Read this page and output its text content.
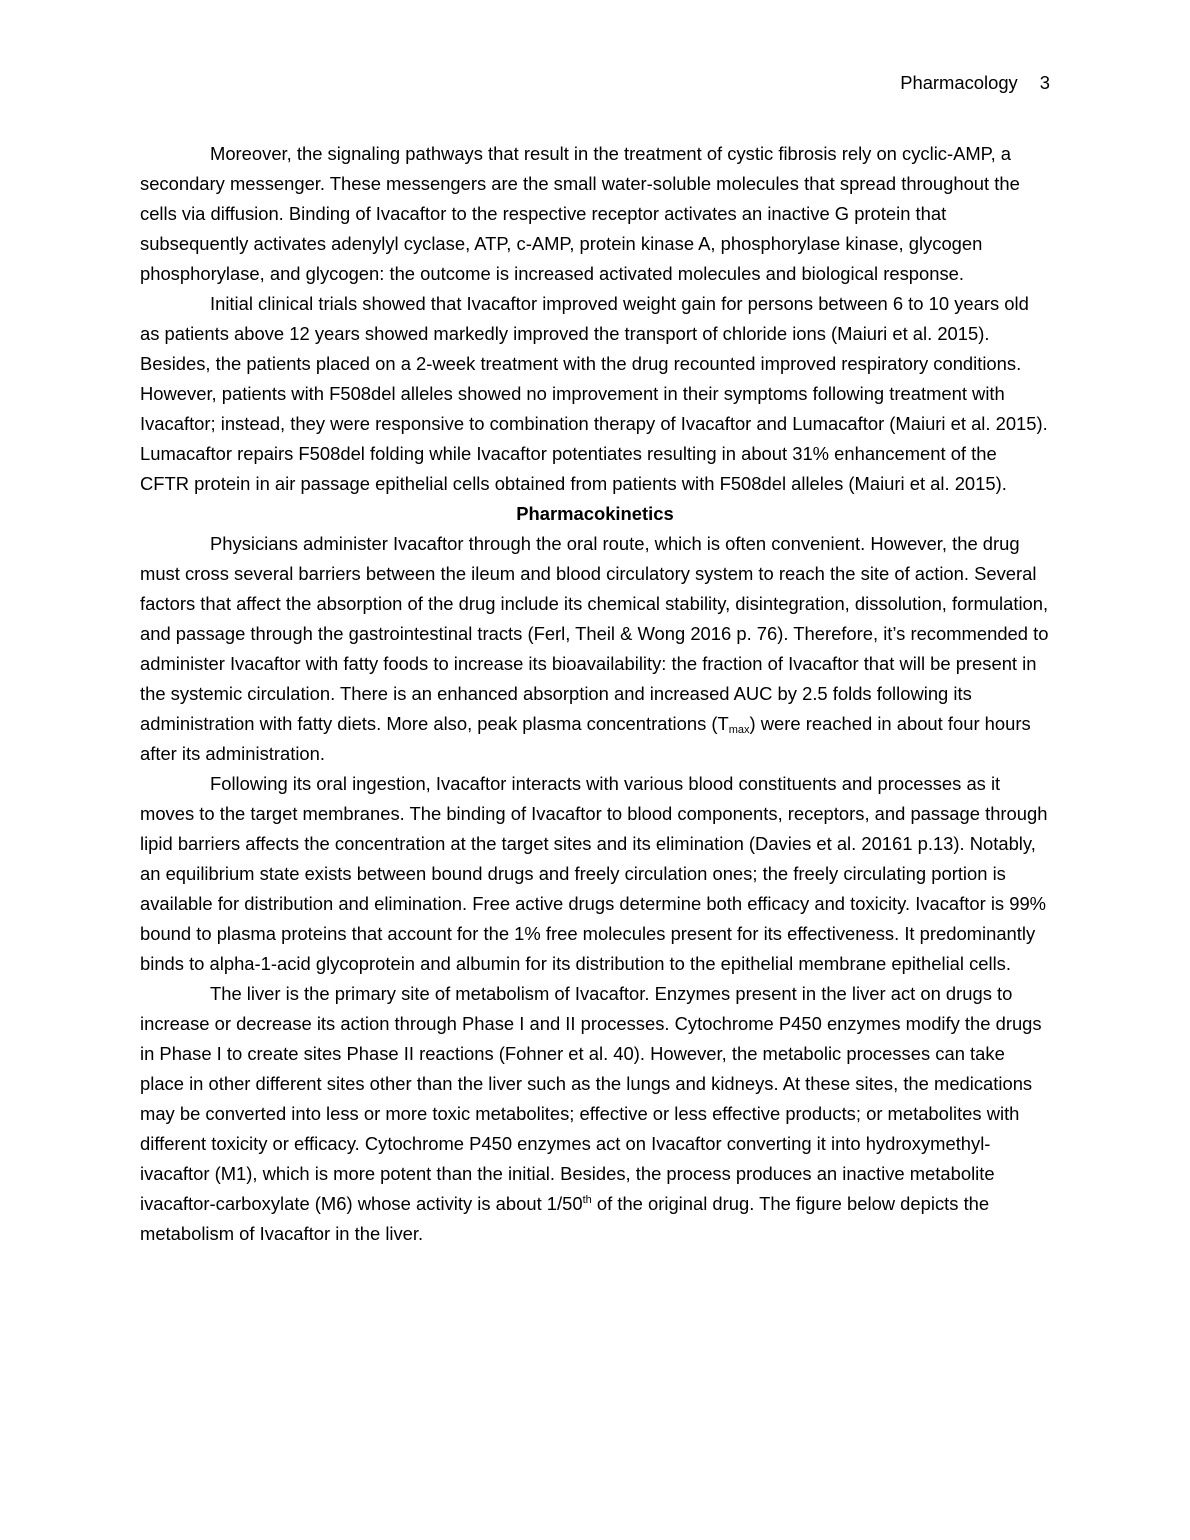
Pharmacology 3

Moreover, the signaling pathways that result in the treatment of cystic fibrosis rely on cyclic-AMP, a secondary messenger. These messengers are the small water-soluble molecules that spread throughout the cells via diffusion. Binding of Ivacaftor to the respective receptor activates an inactive G protein that subsequently activates adenylyl cyclase, ATP, c-AMP, protein kinase A, phosphorylase kinase, glycogen phosphorylase, and glycogen: the outcome is increased activated molecules and biological response.

Initial clinical trials showed that Ivacaftor improved weight gain for persons between 6 to 10 years old as patients above 12 years showed markedly improved the transport of chloride ions (Maiuri et al. 2015). Besides, the patients placed on a 2-week treatment with the drug recounted improved respiratory conditions. However, patients with F508del alleles showed no improvement in their symptoms following treatment with Ivacaftor; instead, they were responsive to combination therapy of Ivacaftor and Lumacaftor (Maiuri et al. 2015). Lumacaftor repairs F508del folding while Ivacaftor potentiates resulting in about 31% enhancement of the CFTR protein in air passage epithelial cells obtained from patients with F508del alleles (Maiuri et al. 2015).

Pharmacokinetics

Physicians administer Ivacaftor through the oral route, which is often convenient. However, the drug must cross several barriers between the ileum and blood circulatory system to reach the site of action. Several factors that affect the absorption of the drug include its chemical stability, disintegration, dissolution, formulation, and passage through the gastrointestinal tracts (Ferl, Theil & Wong 2016 p. 76). Therefore, it’s recommended to administer Ivacaftor with fatty foods to increase its bioavailability: the fraction of Ivacaftor that will be present in the systemic circulation. There is an enhanced absorption and increased AUC by 2.5 folds following its administration with fatty diets. More also, peak plasma concentrations $(T_{max})$ were reached in about four hours after its administration.

Following its oral ingestion, Ivacaftor interacts with various blood constituents and processes as it moves to the target membranes. The binding of Ivacaftor to blood components, receptors, and passage through lipid barriers affects the concentration at the target sites and its elimination (Davies et al. 20161 p.13). Notably, an equilibrium state exists between bound drugs and freely circulation ones; the freely circulating portion is available for distribution and elimination. Free active drugs determine both efficacy and toxicity. Ivacaftor is 99% bound to plasma proteins that account for the 1% free molecules present for its effectiveness. It predominantly binds to alpha-1-acid glycoprotein and albumin for its distribution to the epithelial membrane epithelial cells.

The liver is the primary site of metabolism of Ivacaftor. Enzymes present in the liver act on drugs to increase or decrease its action through Phase I and II processes. Cytochrome P450 enzymes modify the drugs in Phase I to create sites Phase II reactions (Fohner et al. 40). However, the metabolic processes can take place in other different sites other than the liver such as the lungs and kidneys. At these sites, the medications may be converted into less or more toxic metabolites; effective or less effective products; or metabolites with different toxicity or efficacy. Cytochrome P450 enzymes act on Ivacaftor converting it into hydroxymethyl-ivacaftor (M1), which is more potent than the initial. Besides, the process produces an inactive metabolite ivacaftor-carboxylate (M6) whose activity is about 1/50th of the original drug. The figure below depicts the metabolism of Ivacaftor in the liver.
